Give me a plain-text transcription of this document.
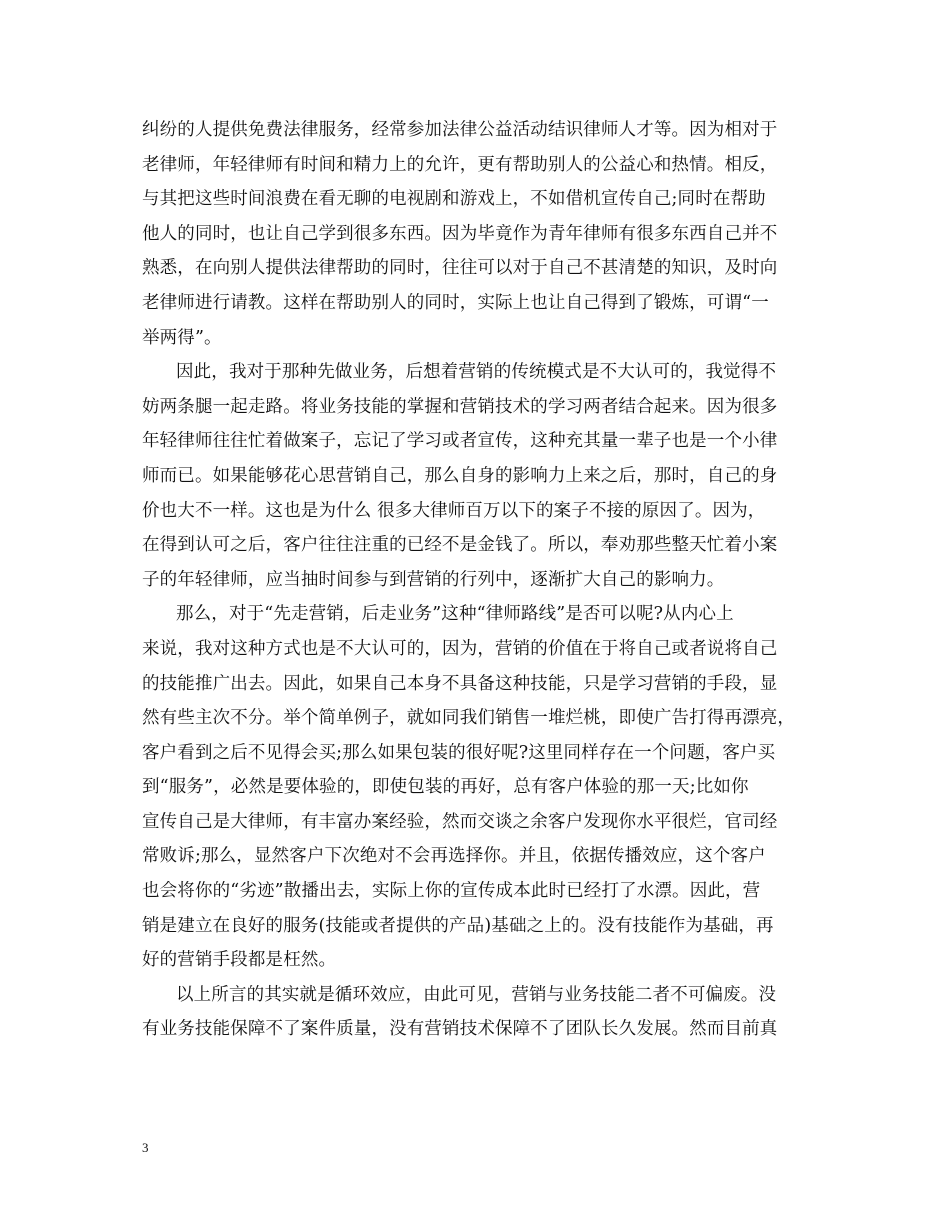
纠纷的人提供免费法律服务，经常参加法律公益活动结识律师人才等。因为相对于
老律师，年轻律师有时间和精力上的允许，更有帮助别人的公益心和热情。相反，
与其把这些时间浪费在看无聊的电视剧和游戏上，不如借机宣传自己;同时在帮助
他人的同时，也让自己学到很多东西。因为毕竟作为青年律师有很多东西自己并不
熟悉，在向别人提供法律帮助的同时，往往可以对于自己不甚清楚的知识，及时向
老律师进行请教。这样在帮助别人的同时，实际上也让自己得到了锻炼，可谓“一
举两得”。
因此，我对于那种先做业务，后想着营销的传统模式是不大认可的，我觉得不
妨两条腿一起走路。将业务技能的掌握和营销技术的学习两者结合起来。因为很多
年轻律师往往忙着做案子，忘记了学习或者宣传，这种充其量一辈子也是一个小律
师而已。如果能够花心思营销自己，那么自身的影响力上来之后，那时，自己的身
价也大不一样。这也是为什么 很多大律师百万以下的案子不接的原因了。因为，
在得到认可之后，客户往往注重的已经不是金钱了。所以，奉劝那些整天忙着小案
子的年轻律师，应当抽时间参与到营销的行列中，逐渐扩大自己的影响力。
那么，对于“先走营销，后走业务”这种“律师路线”是否可以呢?从内心上
来说，我对这种方式也是不大认可的，因为，营销的价值在于将自己或者说将自己
的技能推广出去。因此，如果自己本身不具备这种技能，只是学习营销的手段，显
然有些主次不分。举个简单例子，就如同我们销售一堆烂桃，即使广告打得再漂亮，
客户看到之后不见得会买;那么如果包装的很好呢?这里同样存在一个问题，客户买
到“服务”，必然是要体验的，即使包装的再好，总有客户体验的那一天;比如你
宣传自己是大律师，有丰富办案经验，然而交谈之余客户发现你水平很烂，官司经
常败诉;那么，显然客户下次绝对不会再选择你。并且，依据传播效应，这个客户
也会将你的“劣迹”散播出去，实际上你的宣传成本此时已经打了水漂。因此，营
销是建立在良好的服务(技能或者提供的产品)基础之上的。没有技能作为基础，再
好的营销手段都是枉然。
以上所言的其实就是循环效应，由此可见，营销与业务技能二者不可偏废。没
有业务技能保障不了案件质量，没有营销技术保障不了团队长久发展。然而目前真
3
